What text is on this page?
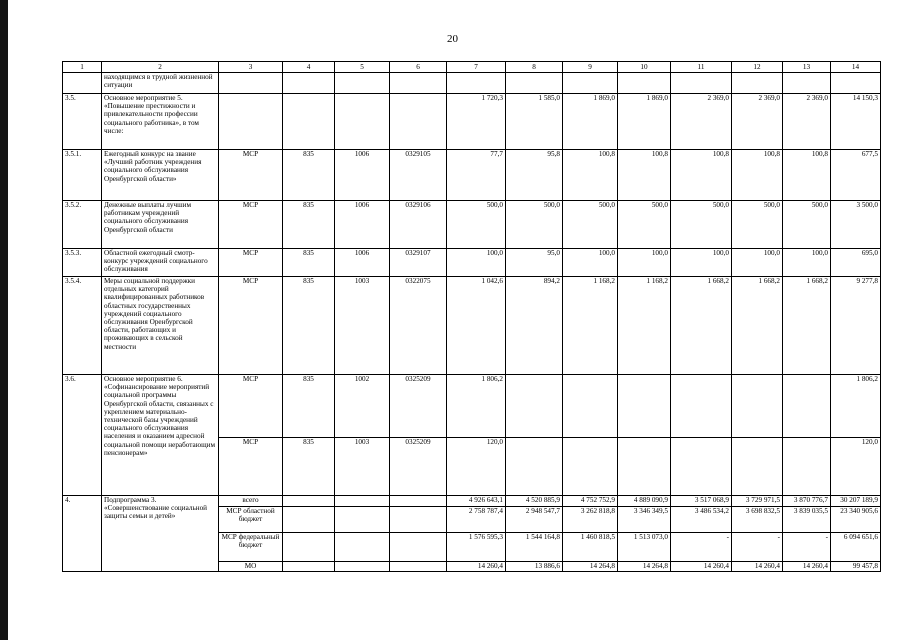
20
1	2	3	4	5	6	7	8	9	10	11	12	13	14
	находящимся в трудной жизненной ситуации												
3.5.	Основное мероприятие 5. «Повышение престижности и привлекательности профессии социального работника», в том числе:					1 720,3	1 585,0	1 869,0	1 869,0	2 369,0	2 369,0	2 369,0	14 150,3
3.5.1.	Ежегодный конкурс на звание «Лучший работник учреждения социального обслуживания Оренбургской области»	МСР	835	1006	0329105	77,7	95,8	100,8	100,8	100,8	100,8	100,8	677,5
3.5.2.	Денежные выплаты лучшим работникам учреждений социального обслуживания Оренбургской области	МСР	835	1006	0329106	500,0	500,0	500,0	500,0	500,0	500,0	500,0	3 500,0
3.5.3.	Областной ежегодный смотр-конкурс учреждений социального обслуживания	МСР	835	1006	0329107	100,0	95,0	100,0	100,0	100,0	100,0	100,0	695,0
3.5.4.	Меры социальной поддержки отдельных категорий квалифицированных работников областных государственных учреждений социального обслуживания Оренбургской области, работающих и проживающих в сельской местности	МСР	835	1003	0322075	1 042,6	894,2	1 168,2	1 168,2	1 668,2	1 668,2	1 668,2	9 277,8
3.6.	Основное мероприятие 6. «Софинансирование мероприятий социальной программы Оренбургской области, связанных с укреплением материально-технической базы учреждений социального обслуживания населения и оказанием адресной социальной помощи неработающим пенсионерам»	МСР	835	1002	0325209	1 806,2							1 806,2
		МСР	835	1003	0325209	120,0							120,0
4.	Подпрограмма 3. «Совершенствование социальной защиты семьи и детей»	всего				4 926 643,1	4 520 885,9	4 752 752,9	4 889 090,9	3 517 068,9	3 729 971,5	3 870 776,7	30 207 189,9
		МСР областной бюджет				2 758 787,4	2 948 547,7	3 262 818,8	3 346 349,5	3 486 534,2	3 698 832,5	3 839 035,5	23 340 905,6
		МСР федеральный бюджет				1 576 595,3	1 544 164,8	1 460 818,5	1 513 073,0	-	-	-	6 094 651,6
		МО				14 260,4	13 886,6	14 264,8	14 264,8	14 260,4	14 260,4	14 260,4	99 457,8
